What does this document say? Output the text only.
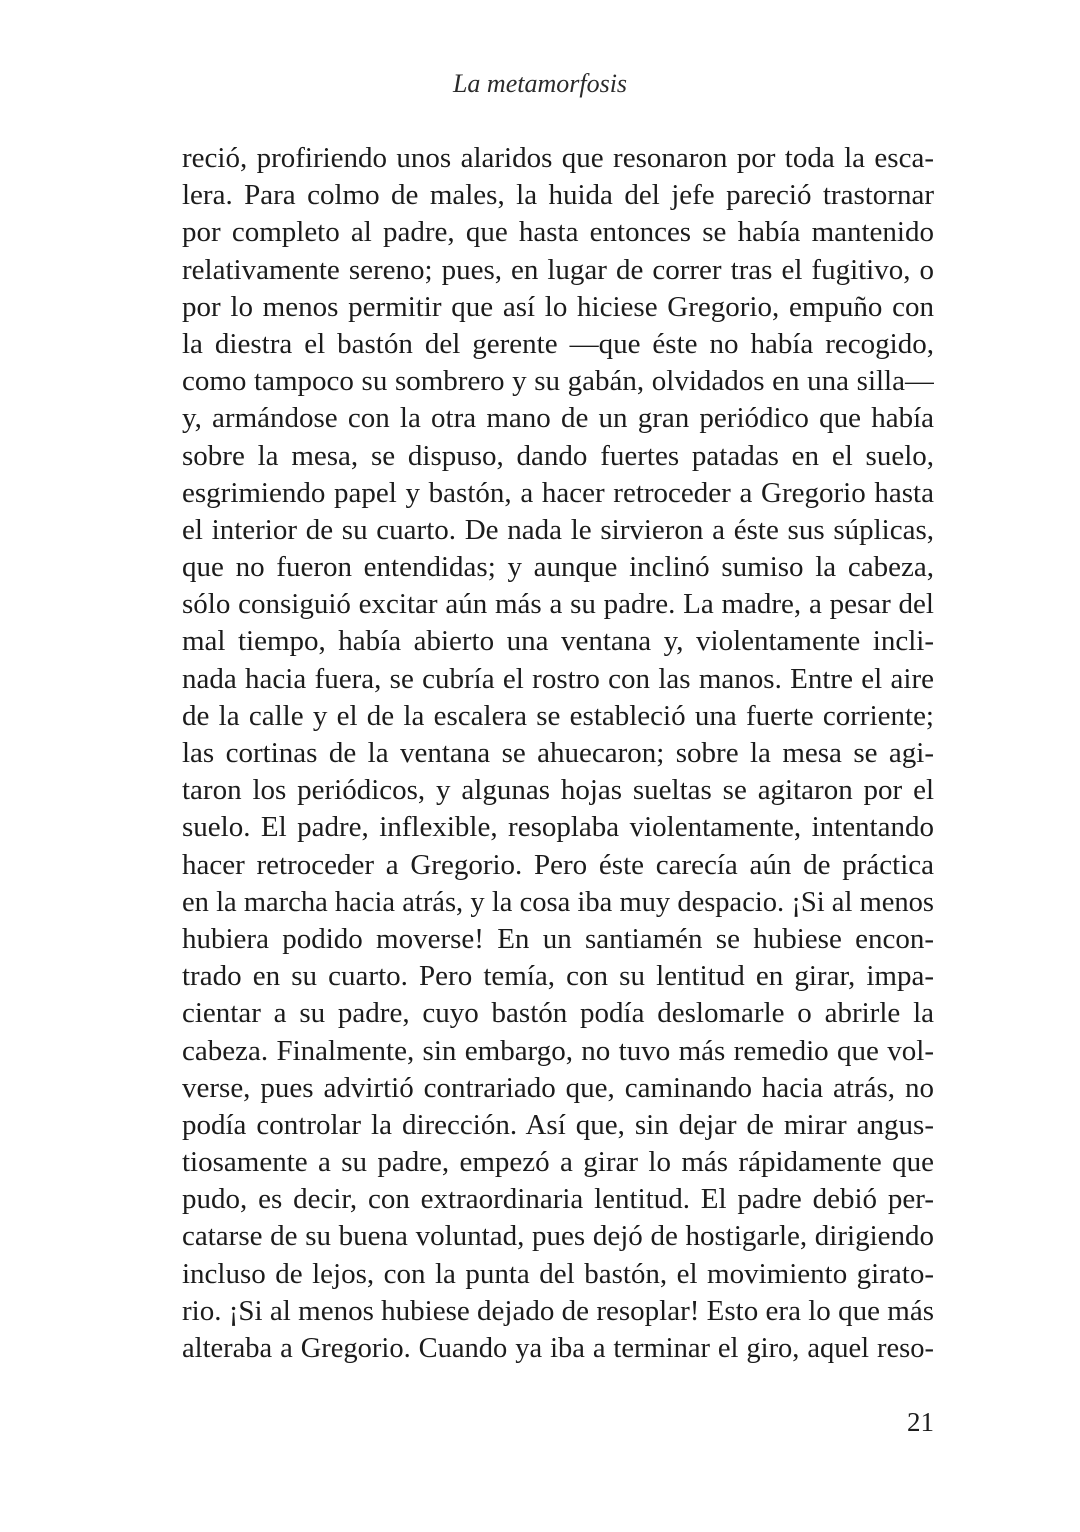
La metamorfosis
reció, profiriendo unos alaridos que resonaron por toda la esca-
lera. Para colmo de males, la huida del jefe pareció trastornar
por completo al padre, que hasta entonces se había mantenido
relativamente sereno; pues, en lugar de correr tras el fugitivo, o
por lo menos permitir que así lo hiciese Gregorio, empuño con
la diestra el bastón del gerente —que éste no había recogido,
como tampoco su sombrero y su gabán, olvidados en una silla—
y, armándose con la otra mano de un gran periódico que había
sobre la mesa, se dispuso, dando fuertes patadas en el suelo,
esgrimiendo papel y bastón, a hacer retroceder a Gregorio hasta
el interior de su cuarto. De nada le sirvieron a éste sus súplicas,
que no fueron entendidas; y aunque inclinó sumiso la cabeza,
sólo consiguió excitar aún más a su padre. La madre, a pesar del
mal tiempo, había abierto una ventana y, violentamente incli-
nada hacia fuera, se cubría el rostro con las manos. Entre el aire
de la calle y el de la escalera se estableció una fuerte corriente;
las cortinas de la ventana se ahuecaron; sobre la mesa se agi-
taron los periódicos, y algunas hojas sueltas se agitaron por el
suelo. El padre, inflexible, resoplaba violentamente, intentando
hacer retroceder a Gregorio. Pero éste carecía aún de práctica
en la marcha hacia atrás, y la cosa iba muy despacio. ¡Si al menos
hubiera podido moverse! En un santiamén se hubiese encon-
trado en su cuarto. Pero temía, con su lentitud en girar, impa-
cientar a su padre, cuyo bastón podía deslomarle o abrirle la
cabeza. Finalmente, sin embargo, no tuvo más remedio que vol-
verse, pues advirtió contrariado que, caminando hacia atrás, no
podía controlar la dirección. Así que, sin dejar de mirar angus-
tiosamente a su padre, empezó a girar lo más rápidamente que
pudo, es decir, con extraordinaria lentitud. El padre debió per-
catarse de su buena voluntad, pues dejó de hostigarle, dirigiendo
incluso de lejos, con la punta del bastón, el movimiento girato-
rio. ¡Si al menos hubiese dejado de resoplar! Esto era lo que más
alteraba a Gregorio. Cuando ya iba a terminar el giro, aquel reso-
21
